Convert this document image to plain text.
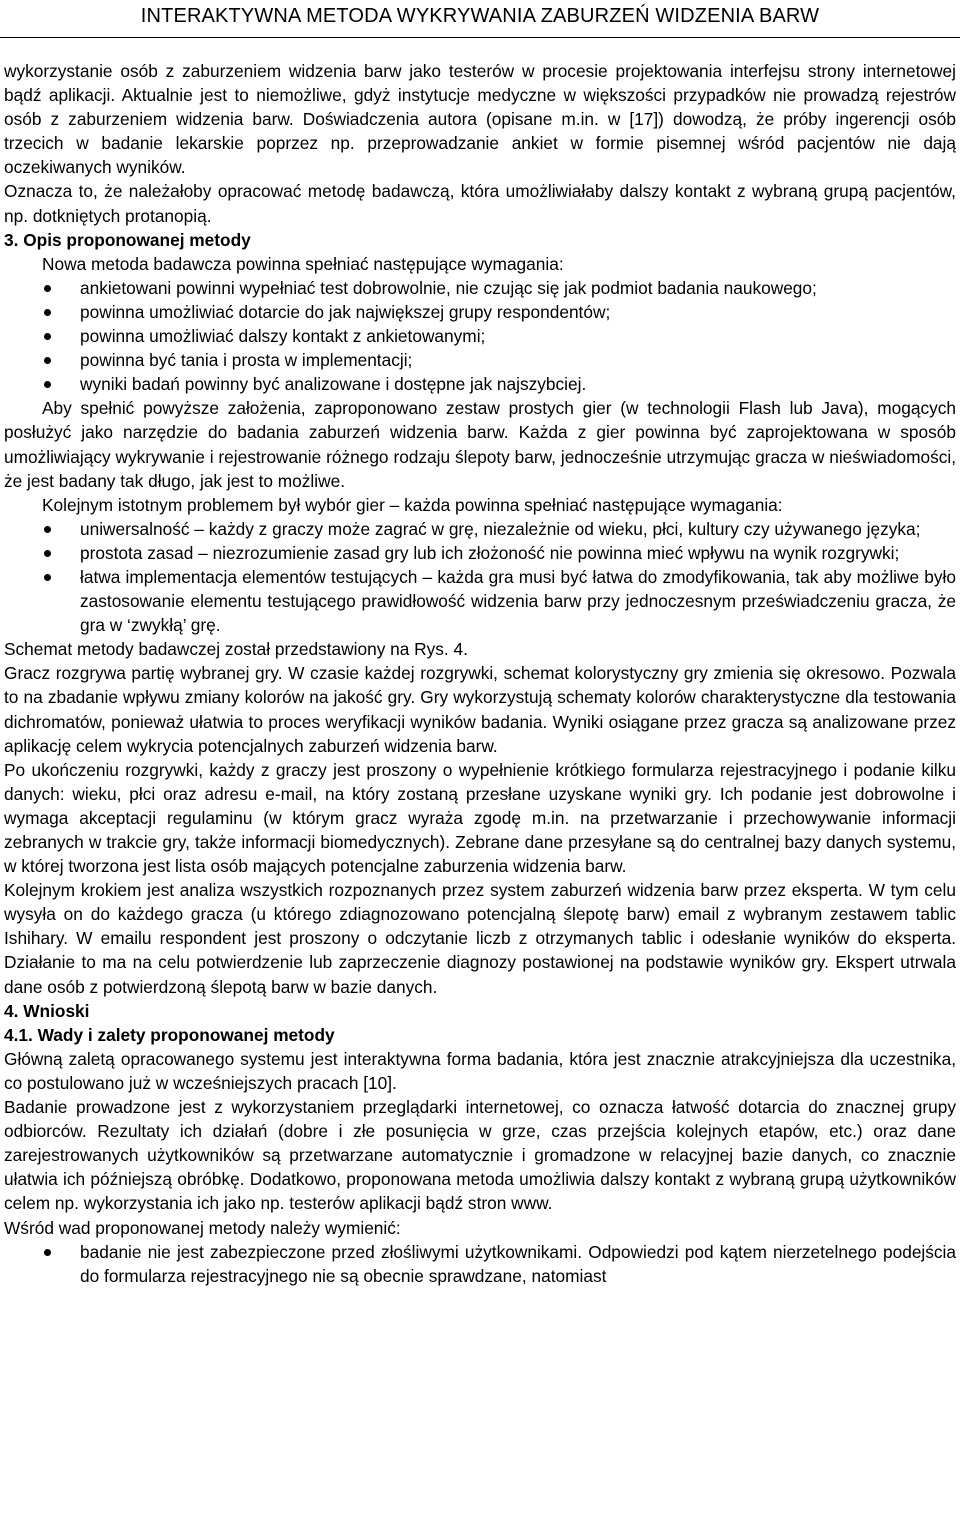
INTERAKTYWNA METODA WYKRYWANIA ZABURZEŃ WIDZENIA BARW

wykorzystanie osób z zaburzeniem widzenia barw jako testerów w procesie projektowania interfejsu strony internetowej bądź aplikacji. Aktualnie jest to niemożliwe, gdyż instytucje medyczne w większości przypadków nie prowadzą rejestrów osób z zaburzeniem widzenia barw. Doświadczenia autora (opisane m.in. w [17]) dowodzą, że próby ingerencji osób trzecich w badanie lekarskie poprzez np. przeprowadzanie ankiet w formie pisemnej wśród pacjentów nie dają oczekiwanych wyników.

Oznacza to, że należałoby opracować metodę badawczą, która umożliwiałaby dalszy kontakt z wybraną grupą pacjentów, np. dotkniętych protanopią.

3. Opis proponowanej metody

Nowa metoda badawcza powinna spełniać następujące wymagania:

ankietowani powinni wypełniać test dobrowolnie, nie czując się jak podmiot badania naukowego;
powinna umożliwiać dotarcie do jak największej grupy respondentów;
powinna umożliwiać dalszy kontakt z ankietowanymi;
powinna być tania i prosta w implementacji;
wyniki badań powinny być analizowane i dostępne jak najszybciej.

Aby spełnić powyższe założenia, zaproponowano zestaw prostych gier (w technologii Flash lub Java), mogących posłużyć jako narzędzie do badania zaburzeń widzenia barw. Każda z gier powinna być zaprojektowana w sposób umożliwiający wykrywanie i rejestrowanie różnego rodzaju ślepoty barw, jednocześnie utrzymując gracza w nieświadomości, że jest badany tak długo, jak jest to możliwe.

Kolejnym istotnym problemem był wybór gier – każda powinna spełniać następujące wymagania:

uniwersalność – każdy z graczy może zagrać w grę, niezależnie od wieku, płci, kultury czy używanego języka;
prostota zasad – niezrozumienie zasad gry lub ich złożoność nie powinna mieć wpływu na wynik rozgrywki;
łatwa implementacja elementów testujących – każda gra musi być łatwa do zmodyfikowania, tak aby możliwe było zastosowanie elementu testującego prawidłowość widzenia barw przy jednoczesnym przeświadczeniu gracza, że gra w ‘zwykłą’ grę.

Schemat metody badawczej został przedstawiony na Rys. 4.

Gracz rozgrywa partię wybranej gry. W czasie każdej rozgrywki, schemat kolorystyczny gry zmienia się okresowo. Pozwala to na zbadanie wpływu zmiany kolorów na jakość gry. Gry wykorzystują schematy kolorów charakterystyczne dla testowania dichromatów, ponieważ ułatwia to proces weryfikacji wyników badania. Wyniki osiągane przez gracza są analizowane przez aplikację celem wykrycia potencjalnych zaburzeń widzenia barw.

Po ukończeniu rozgrywki, każdy z graczy jest proszony o wypełnienie krótkiego formularza rejestracyjnego i podanie kilku danych: wieku, płci oraz adresu e-mail, na który zostaną przesłane uzyskane wyniki gry. Ich podanie jest dobrowolne i wymaga akceptacji regulaminu (w którym gracz wyraża zgodę m.in. na przetwarzanie i przechowywanie informacji zebranych w trakcie gry, także informacji biomedycznych). Zebrane dane przesyłane są do centralnej bazy danych systemu, w której tworzona jest lista osób mających potencjalne zaburzenia widzenia barw.

Kolejnym krokiem jest analiza wszystkich rozpoznanych przez system zaburzeń widzenia barw przez eksperta. W tym celu wysyła on do każdego gracza (u którego zdiagnozowano potencjalną ślepotę barw) email z wybranym zestawem tablic Ishihary. W emailu respondent jest proszony o odczytanie liczb z otrzymanych tablic i odesłanie wyników do eksperta. Działanie to ma na celu potwierdzenie lub zaprzeczenie diagnozy postawionej na podstawie wyników gry. Ekspert utrwala dane osób z potwierdzoną ślepotą barw w bazie danych.

4. Wnioski

4.1. Wady i zalety proponowanej metody

Główną zaletą opracowanego systemu jest interaktywna forma badania, która jest znacznie atrakcyjniejsza dla uczestnika, co postulowano już w wcześniejszych pracach [10].

Badanie prowadzone jest z wykorzystaniem przeglądarki internetowej, co oznacza łatwość dotarcia do znacznej grupy odbiorców. Rezultaty ich działań (dobre i złe posunięcia w grze, czas przejścia kolejnych etapów, etc.) oraz dane zarejestrowanych użytkowników są przetwarzane automatycznie i gromadzone w relacyjnej bazie danych, co znacznie ułatwia ich późniejszą obróbkę. Dodatkowo, proponowana metoda umożliwia dalszy kontakt z wybraną grupą użytkowników celem np. wykorzystania ich jako np. testerów aplikacji bądź stron www.

Wśród wad proponowanej metody należy wymienić:

badanie nie jest zabezpieczone przed złośliwymi użytkownikami. Odpowiedzi pod kątem nierzetelnego podejścia do formularza rejestracyjnego nie są obecnie sprawdzane, natomiast
